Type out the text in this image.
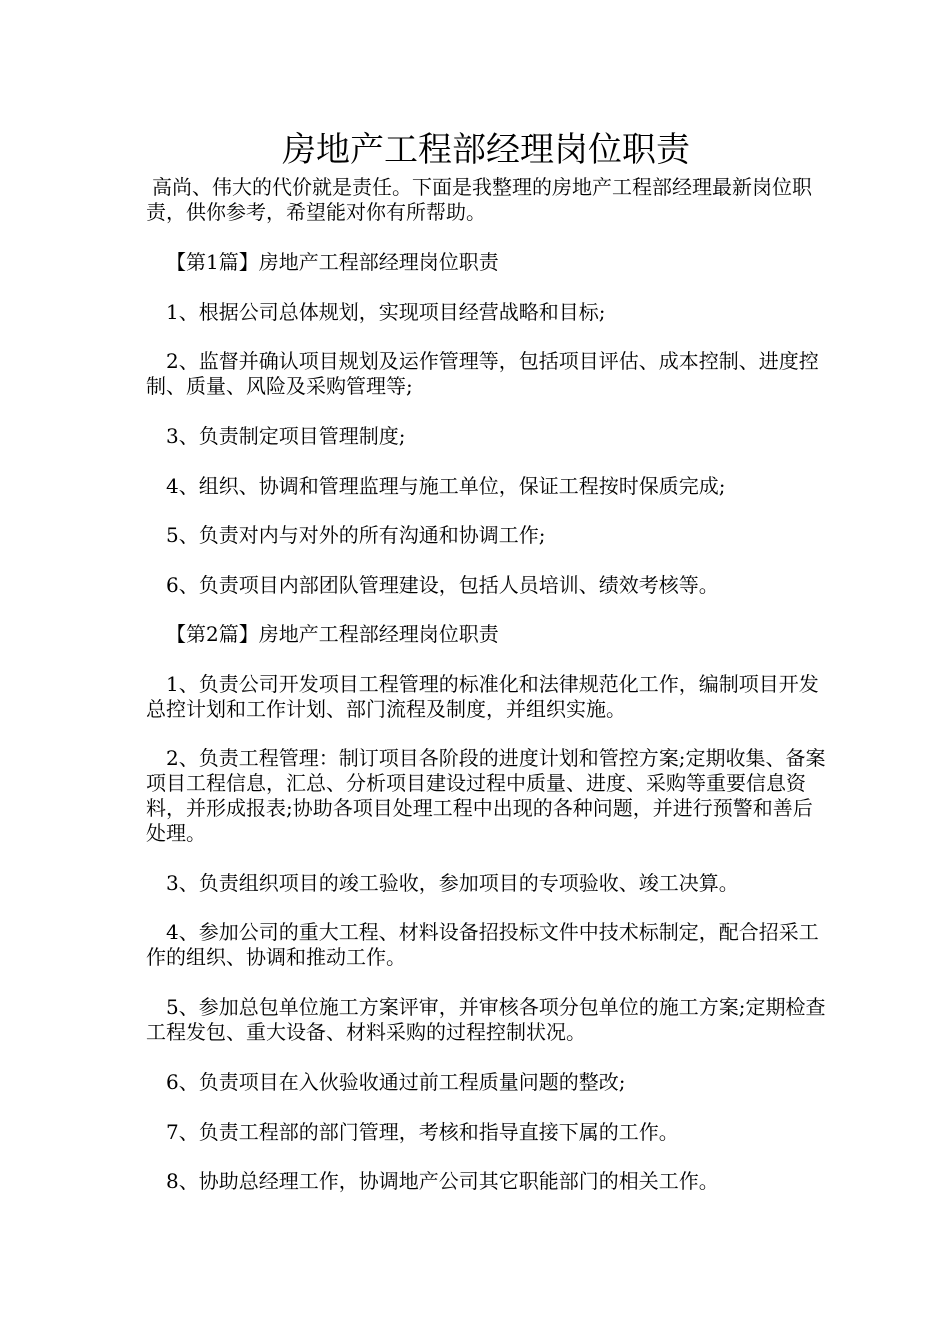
房地产工程部经理岗位职责

高尚、伟大的代价就是责任。下面是我整理的房地产工程部经理最新岗位职责，供你参考，希望能对你有所帮助。

【第1篇】房地产工程部经理岗位职责

1、根据公司总体规划，实现项目经营战略和目标;

2、监督并确认项目规划及运作管理等，包括项目评估、成本控制、进度控制、质量、风险及采购管理等;

3、负责制定项目管理制度;

4、组织、协调和管理监理与施工单位，保证工程按时保质完成;

5、负责对内与对外的所有沟通和协调工作;

6、负责项目内部团队管理建设，包括人员培训、绩效考核等。

【第2篇】房地产工程部经理岗位职责

1、负责公司开发项目工程管理的标准化和法律规范化工作，编制项目开发总控计划和工作计划、部门流程及制度，并组织实施。

2、负责工程管理：制订项目各阶段的进度计划和管控方案;定期收集、备案项目工程信息，汇总、分析项目建设过程中质量、进度、采购等重要信息资料，并形成报表;协助各项目处理工程中出现的各种问题，并进行预警和善后处理。

3、负责组织项目的竣工验收，参加项目的专项验收、竣工决算。

4、参加公司的重大工程、材料设备招投标文件中技术标制定，配合招采工作的组织、协调和推动工作。

5、参加总包单位施工方案评审，并审核各项分包单位的施工方案;定期检查工程发包、重大设备、材料采购的过程控制状况。

6、负责项目在入伙验收通过前工程质量问题的整改;

7、负责工程部的部门管理，考核和指导直接下属的工作。

8、协助总经理工作，协调地产公司其它职能部门的相关工作。
